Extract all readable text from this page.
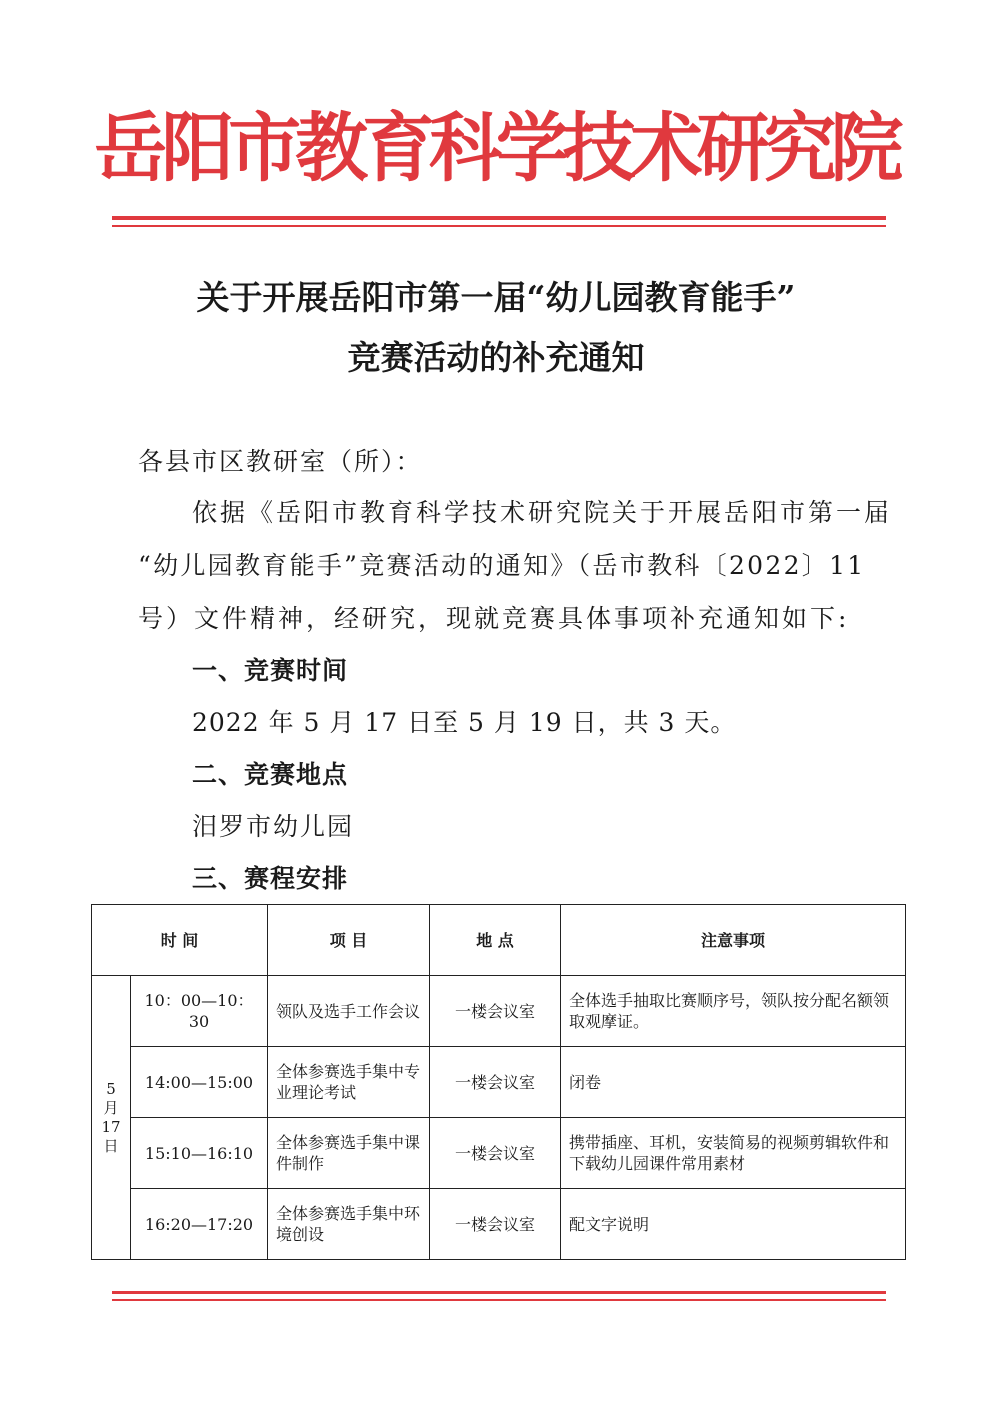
岳阳市教育科学技术研究院
关于开展岳阳市第一届“幼儿园教育能手”
竞赛活动的补充通知
各县市区教研室（所）：
依据《岳阳市教育科学技术研究院关于开展岳阳市第一届
“幼儿园教育能手”竞赛活动的通知》（岳市教科〔2022〕11
号）文件精神，经研究，现就竞赛具体事项补充通知如下:
一、竞赛时间
2022 年 5 月 17 日至 5 月 19 日，共 3 天。
二、竞赛地点
汨罗市幼儿园
三、赛程安排
时 间		项 目	地 点	注意事项
5
月
17
日	10：00—10：30	领队及选手工作会议	一楼会议室	全体选手抽取比赛顺序号，领队按分配名额领取观摩证。
	14:00—15:00	全体参赛选手集中专业理论考试	一楼会议室	闭卷
	15:10—16:10	全体参赛选手集中课件制作	一楼会议室	携带插座、耳机，安装简易的视频剪辑软件和下载幼儿园课件常用素材
	16:20—17:20	全体参赛选手集中环境创设	一楼会议室	配文字说明
